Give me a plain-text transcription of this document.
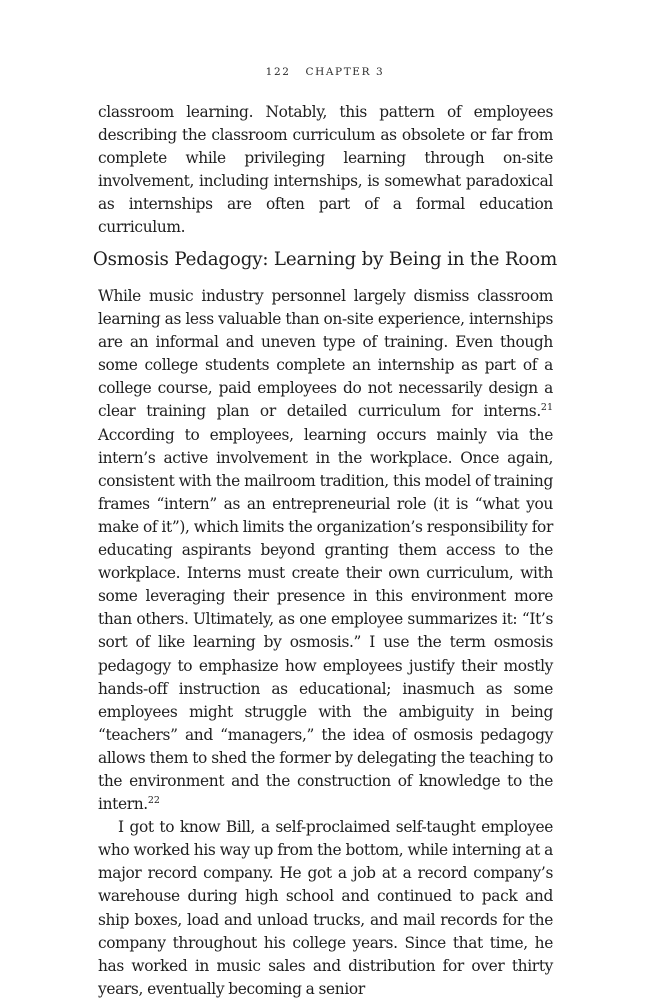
122 CHAPTER 3

classroom learning. Notably, this pattern of employees describing the classroom curriculum as obsolete or far from complete while privileging learning through on-site involvement, including internships, is somewhat paradoxical as internships are often part of a formal education curriculum.

Osmosis Pedagogy: Learning by Being in the Room

While music industry personnel largely dismiss classroom learning as less valuable than on-site experience, internships are an informal and uneven type of training. Even though some college students complete an internship as part of a college course, paid employees do not necessarily design a clear training plan or detailed curriculum for interns.$^{21}$ According to employees, learning occurs mainly via the intern’s active involvement in the workplace. Once again, consistent with the mailroom tradition, this model of training frames “intern” as an entrepreneurial role (it is “what you make of it”), which limits the organization’s responsibility for educating aspirants beyond granting them access to the workplace. Interns must create their own curriculum, with some leveraging their presence in this environment more than others. Ultimately, as one employee summarizes it: “It’s sort of like learning by osmosis.” I use the term osmosis pedagogy to emphasize how employees justify their mostly hands-off instruction as educational; inasmuch as some employees might struggle with the ambiguity in being “teachers” and “managers,” the idea of osmosis pedagogy allows them to shed the former by delegating the teaching to the environment and the construction of knowledge to the intern.$^{22}$

I got to know Bill, a self-proclaimed self-taught employee who worked his way up from the bottom, while interning at a major record company. He got a job at a record company’s warehouse during high school and continued to pack and ship boxes, load and unload trucks, and mail records for the company throughout his college years. Since that time, he has worked in music sales and distribution for over thirty years, eventually becoming a senior
